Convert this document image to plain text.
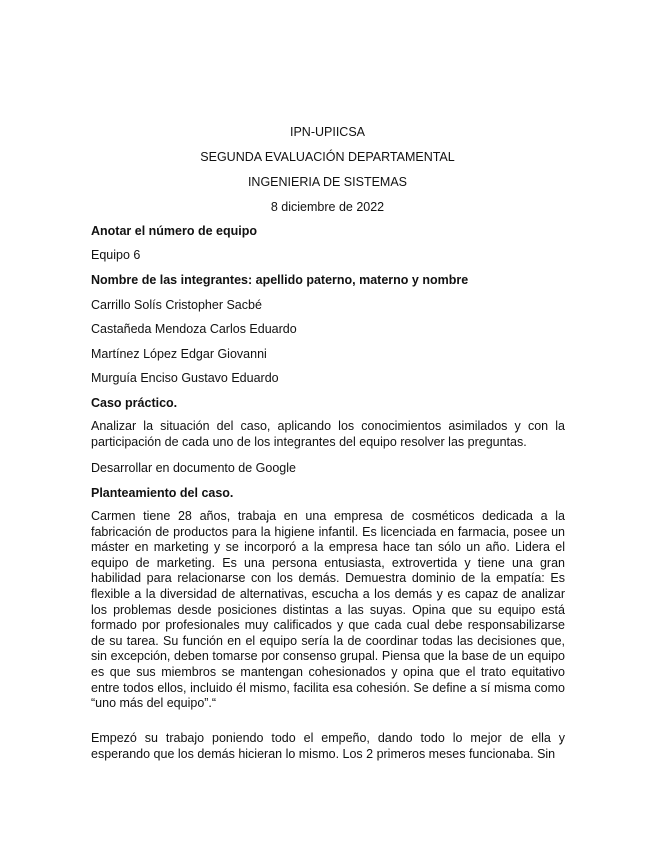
IPN-UPIICSA
SEGUNDA EVALUACIÓN DEPARTAMENTAL
INGENIERIA DE SISTEMAS
8 diciembre de 2022
Anotar el número de equipo
Equipo 6
Nombre de las integrantes: apellido paterno, materno y nombre
Carrillo Solís Cristopher Sacbé
Castañeda Mendoza Carlos Eduardo
Martínez López Edgar Giovanni
Murguía Enciso Gustavo Eduardo
Caso práctico.
Analizar la situación del caso, aplicando los conocimientos asimilados y con la participación de cada uno de los integrantes del equipo resolver las preguntas.
Desarrollar en documento de Google
Planteamiento del caso.
Carmen tiene 28 años, trabaja en una empresa de cosméticos dedicada a la fabricación de productos para la higiene infantil. Es licenciada en farmacia, posee un máster en marketing y se incorporó a la empresa hace tan sólo un año. Lidera el equipo de marketing. Es una persona entusiasta, extrovertida y tiene una gran habilidad para relacionarse con los demás. Demuestra dominio de la empatía: Es flexible a la diversidad de alternativas, escucha a los demás y es capaz de analizar los problemas desde posiciones distintas a las suyas. Opina que su equipo está formado por profesionales muy calificados y que cada cual debe responsabilizarse de su tarea. Su función en el equipo sería la de coordinar todas las decisiones que, sin excepción, deben tomarse por consenso grupal. Piensa que la base de un equipo es que sus miembros se mantengan cohesionados y opina que el trato equitativo entre todos ellos, incluido él mismo, facilita esa cohesión. Se define a sí misma como “uno más del equipo”.“
Empezó su trabajo poniendo todo el empeño, dando todo lo mejor de ella y esperando que los demás hicieran lo mismo. Los 2 primeros meses funcionaba. Sin
